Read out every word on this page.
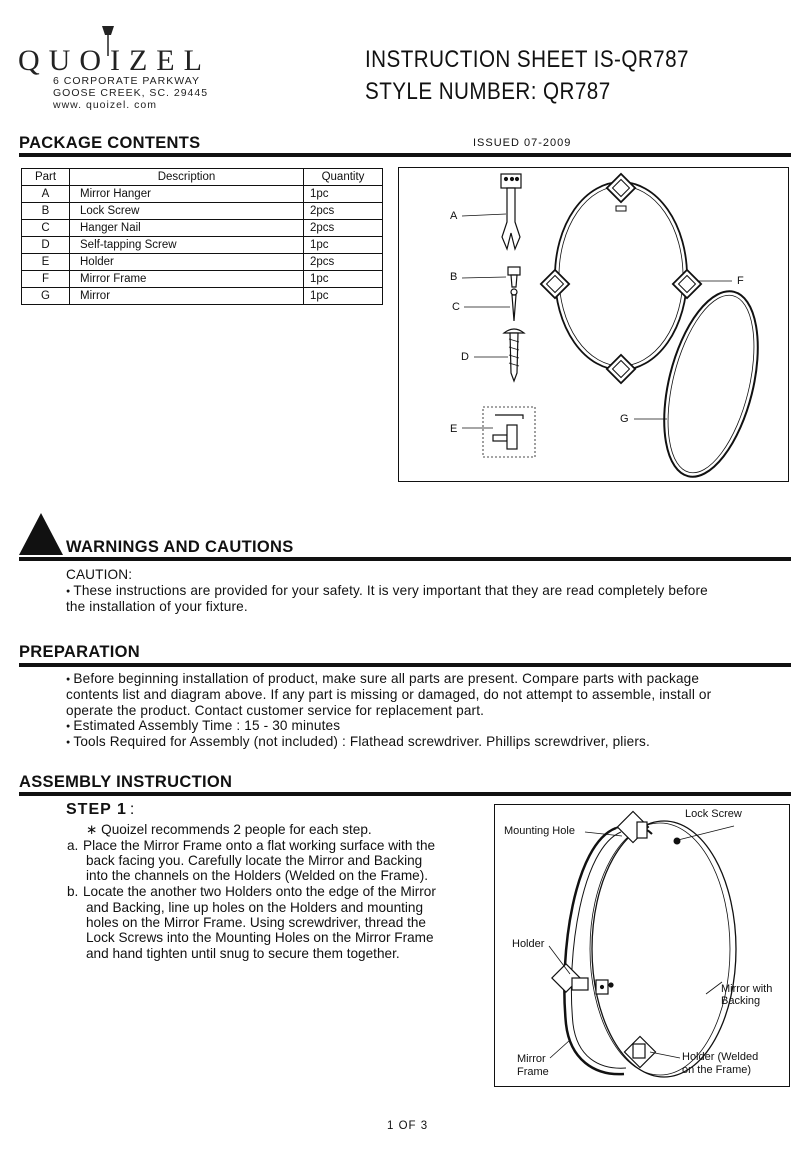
QUOIZEL
6 CORPORATE PARKWAY
GOOSE CREEK, SC. 29445
www. quoizel. com
INSTRUCTION SHEET IS-QR787
STYLE NUMBER: QR787
PACKAGE CONTENTS	ISSUED 07-2009
Part	Description	Quantity
A	Mirror Hanger	1pc
B	Lock Screw	2pcs
C	Hanger Nail	2pcs
D	Self-tapping Screw	1pc
E	Holder	2pcs
F	Mirror Frame	1pc
G	Mirror	1pc
A
B
C
D
E
F
G
WARNINGS AND CAUTIONS
CAUTION:
● These instructions are provided for your safety. It is very important that they are read completely before
the installation of your fixture.
PREPARATION
● Before beginning installation of product, make sure all parts are present. Compare parts with package
contents list and diagram above. If any part is missing or damaged, do not attempt to assemble, install or
operate the product. Contact customer service for replacement part.
● Estimated Assembly Time : 15 - 30 minutes
● Tools Required for Assembly (not included) : Flathead screwdriver. Phillips screwdriver, pliers.
ASSEMBLY INSTRUCTION
STEP 1 :
∗ Quoizel recommends 2 people for each step.
a. Place the Mirror Frame onto a flat working surface with the
back facing you. Carefully locate the Mirror and Backing
into the channels on the Holders (Welded on the Frame).
b. Locate the another two Holders onto the edge of the Mirror
and Backing, line up holes on the Holders and mounting
holes on the Mirror Frame. Using screwdriver, thread the
Lock Screws into the Mounting Holes on the Mirror Frame
and hand tighten until snug to secure them together.
Mounting Hole
Lock Screw
Holder
Mirror with
Backing
Mirror
Frame
Holder (Welded
on the Frame)
1 OF 3
